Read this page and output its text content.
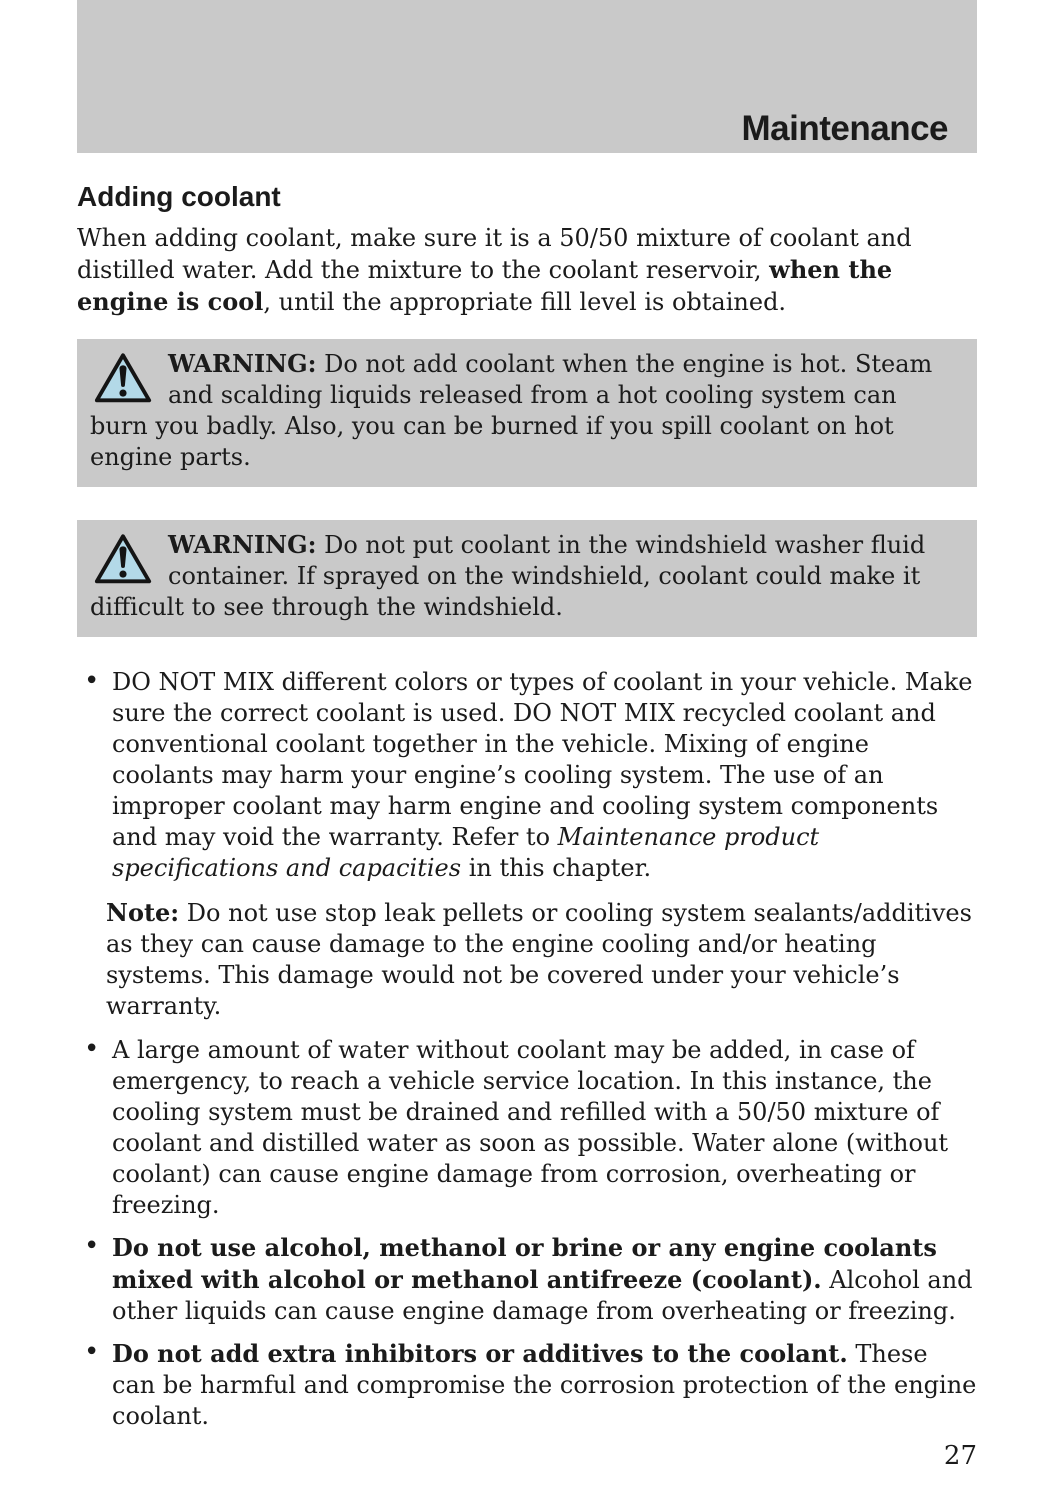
Maintenance
Adding coolant

When adding coolant, make sure it is a 50/50 mixture of coolant and distilled water. Add the mixture to the coolant reservoir, when the engine is cool, until the appropriate fill level is obtained.

WARNING: Do not add coolant when the engine is hot. Steam and scalding liquids released from a hot cooling system can burn you badly. Also, you can be burned if you spill coolant on hot engine parts.
WARNING: Do not put coolant in the windshield washer fluid container. If sprayed on the windshield, coolant could make it difficult to see through the windshield.
• DO NOT MIX different colors or types of coolant in your vehicle. Make sure the correct coolant is used. DO NOT MIX recycled coolant and conventional coolant together in the vehicle. Mixing of engine coolants may harm your engine’s cooling system. The use of an improper coolant may harm engine and cooling system components and may void the warranty. Refer to Maintenance product specifications and capacities in this chapter.
Note: Do not use stop leak pellets or cooling system sealants/additives as they can cause damage to the engine cooling and/or heating systems. This damage would not be covered under your vehicle’s warranty.
• A large amount of water without coolant may be added, in case of emergency, to reach a vehicle service location. In this instance, the cooling system must be drained and refilled with a 50/50 mixture of coolant and distilled water as soon as possible. Water alone (without coolant) can cause engine damage from corrosion, overheating or freezing.
• Do not use alcohol, methanol or brine or any engine coolants mixed with alcohol or methanol antifreeze (coolant). Alcohol and other liquids can cause engine damage from overheating or freezing.
• Do not add extra inhibitors or additives to the coolant. These can be harmful and compromise the corrosion protection of the engine coolant.
27
